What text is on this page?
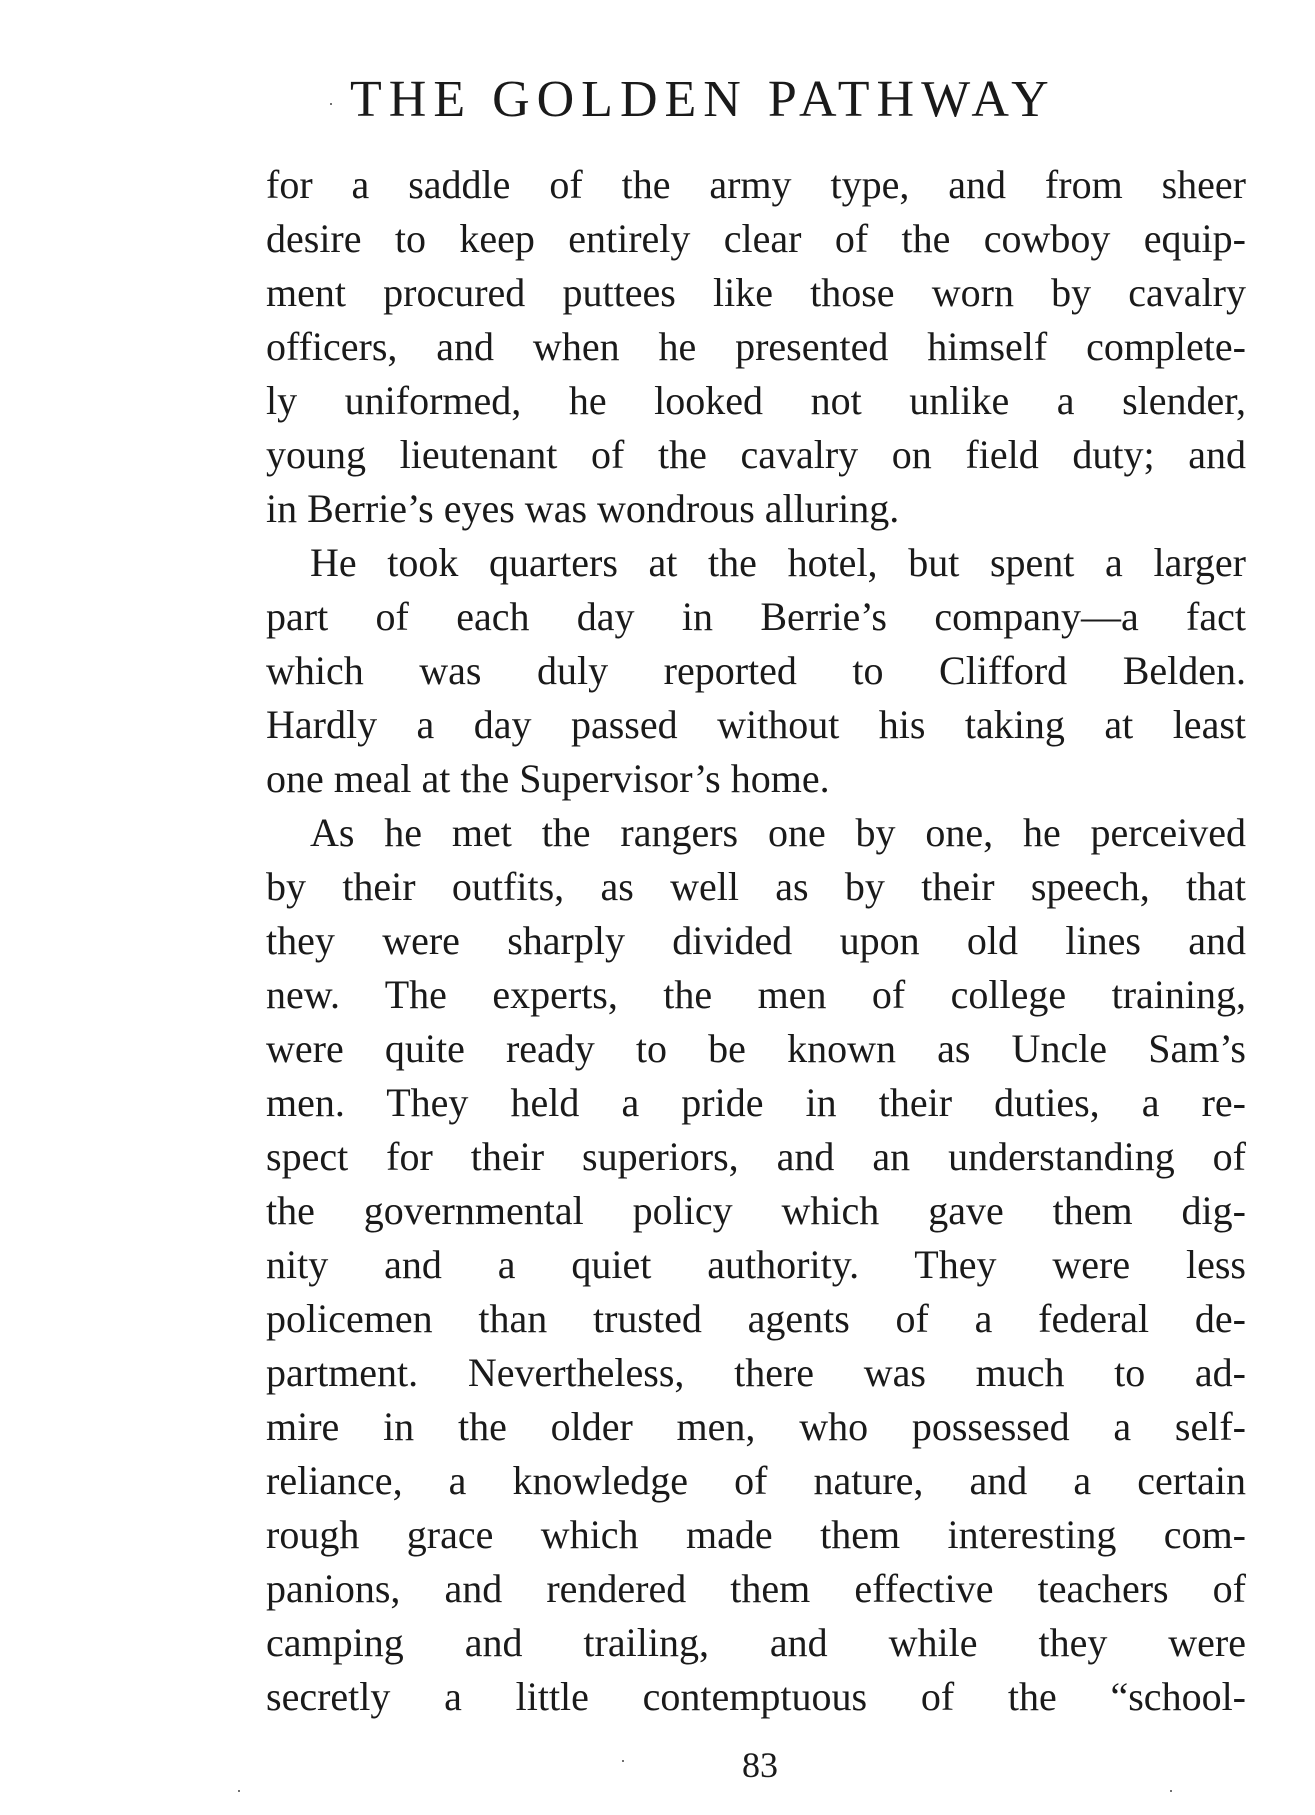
THE GOLDEN PATHWAY
for a saddle of the army type, and from sheer
desire to keep entirely clear of the cowboy equip-
ment procured puttees like those worn by cavalry
officers, and when he presented himself complete-
ly uniformed, he looked not unlike a slender,
young lieutenant of the cavalry on field duty; and
in Berrie’s eyes was wondrous alluring.
He took quarters at the hotel, but spent a larger
part of each day in Berrie’s company—a fact
which was duly reported to Clifford Belden.
Hardly a day passed without his taking at least
one meal at the Supervisor’s home.
As he met the rangers one by one, he perceived
by their outfits, as well as by their speech, that
they were sharply divided upon old lines and
new. The experts, the men of college training,
were quite ready to be known as Uncle Sam’s
men. They held a pride in their duties, a re-
spect for their superiors, and an understanding of
the governmental policy which gave them dig-
nity and a quiet authority. They were less
policemen than trusted agents of a federal de-
partment. Nevertheless, there was much to ad-
mire in the older men, who possessed a self-
reliance, a knowledge of nature, and a certain
rough grace which made them interesting com-
panions, and rendered them effective teachers of
camping and trailing, and while they were
secretly a little contemptuous of the “school-
83
